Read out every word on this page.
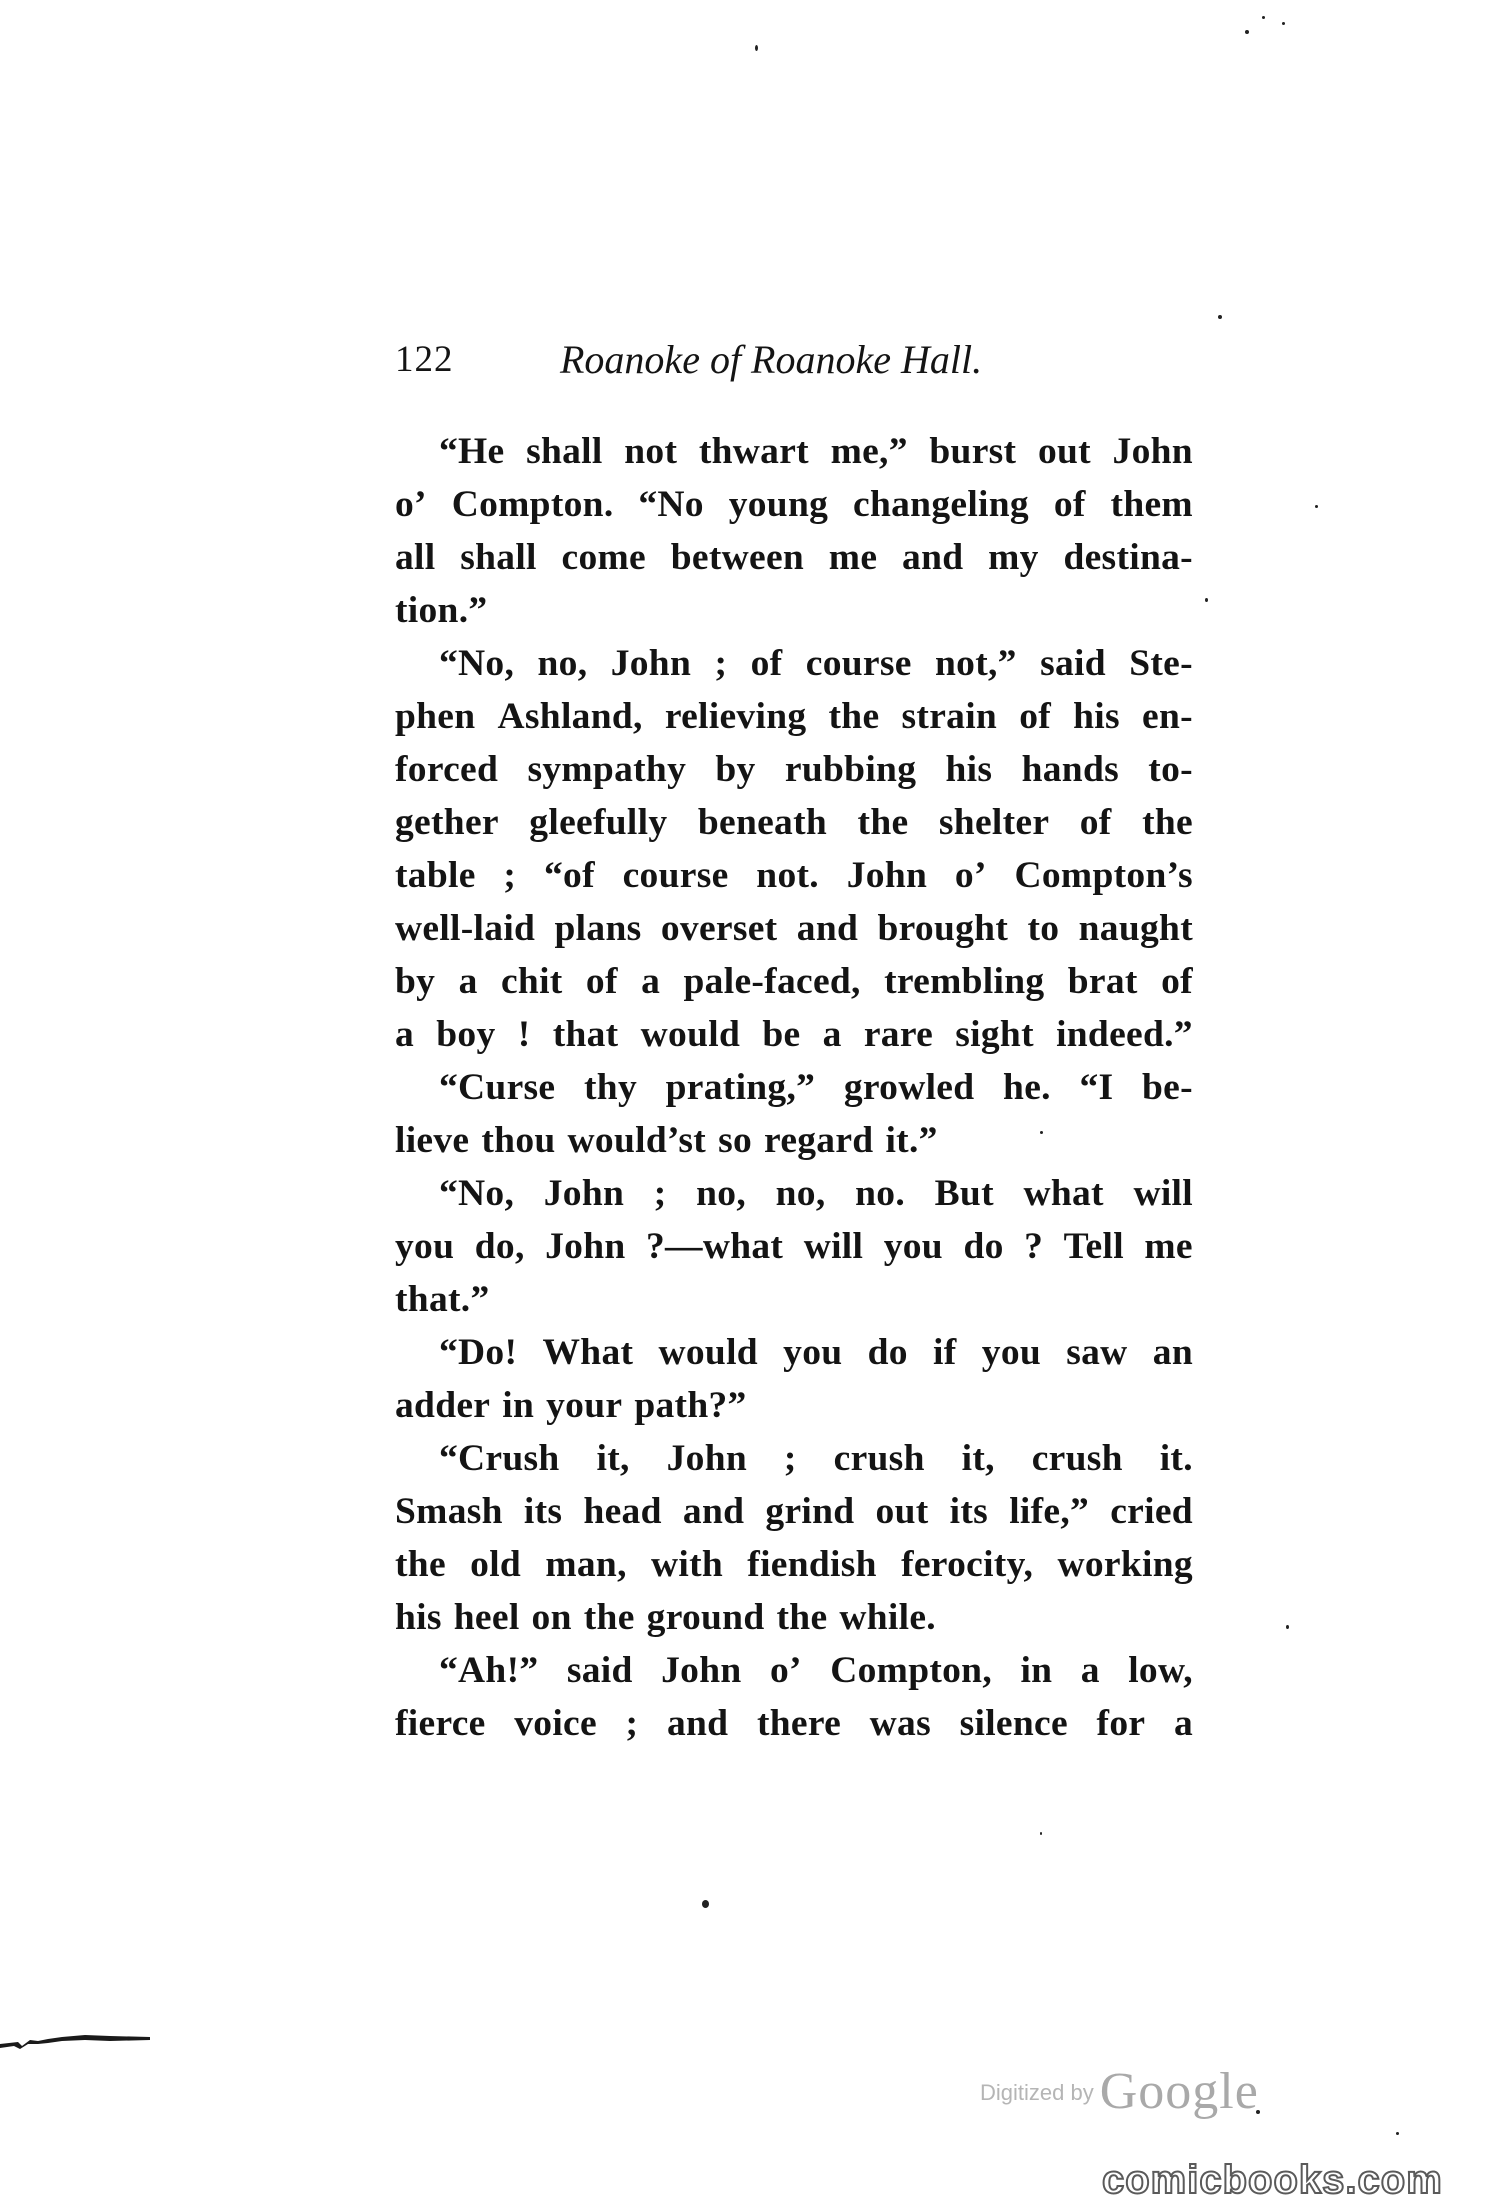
122	Roanoke of Roanoke Hall.
“He shall not thwart me,” burst out John
o’ Compton. “No young changeling of them
all shall come between me and my destina-
tion.”
“No, no, John ; of course not,” said Ste-
phen Ashland, relieving the strain of his en-
forced sympathy by rubbing his hands to-
gether gleefully beneath the shelter of the
table ; “of course not. John o’ Compton’s
well-laid plans overset and brought to naught
by a chit of a pale-faced, trembling brat of
a boy ! that would be a rare sight indeed.”
“Curse thy prating,” growled he. “I be-
lieve thou would’st so regard it.”
“No, John ; no, no, no. But what will
you do, John ?—what will you do ? Tell me
that.”
“Do! What would you do if you saw an
adder in your path?”
“Crush it, John ; crush it, crush it.
Smash its head and grind out its life,” cried
the old man, with fiendish ferocity, working
his heel on the ground the while.
“Ah!” said John o’ Compton, in a low,
fierce voice ; and there was silence for a
Digitized by Google
comicbooks.com
